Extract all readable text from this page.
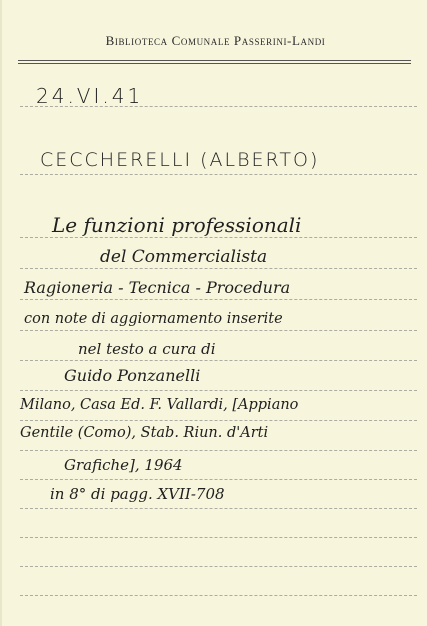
Biblioteca Comunale Passerini-Landi
24.VI.41
CECCHERELLI (ALBERTO)
Le funzioni professionali
del Commercialista
Ragioneria - Tecnica - Procedura
con note di aggiornamento inserite
nel testo a cura di
Guido Ponzanelli
Milano, Casa Ed. F. Vallardi, [Appiano
Gentile (Como), Stab. Riun. d'Arti
Grafiche], 1964
in 8° di pagg. XVII-708
